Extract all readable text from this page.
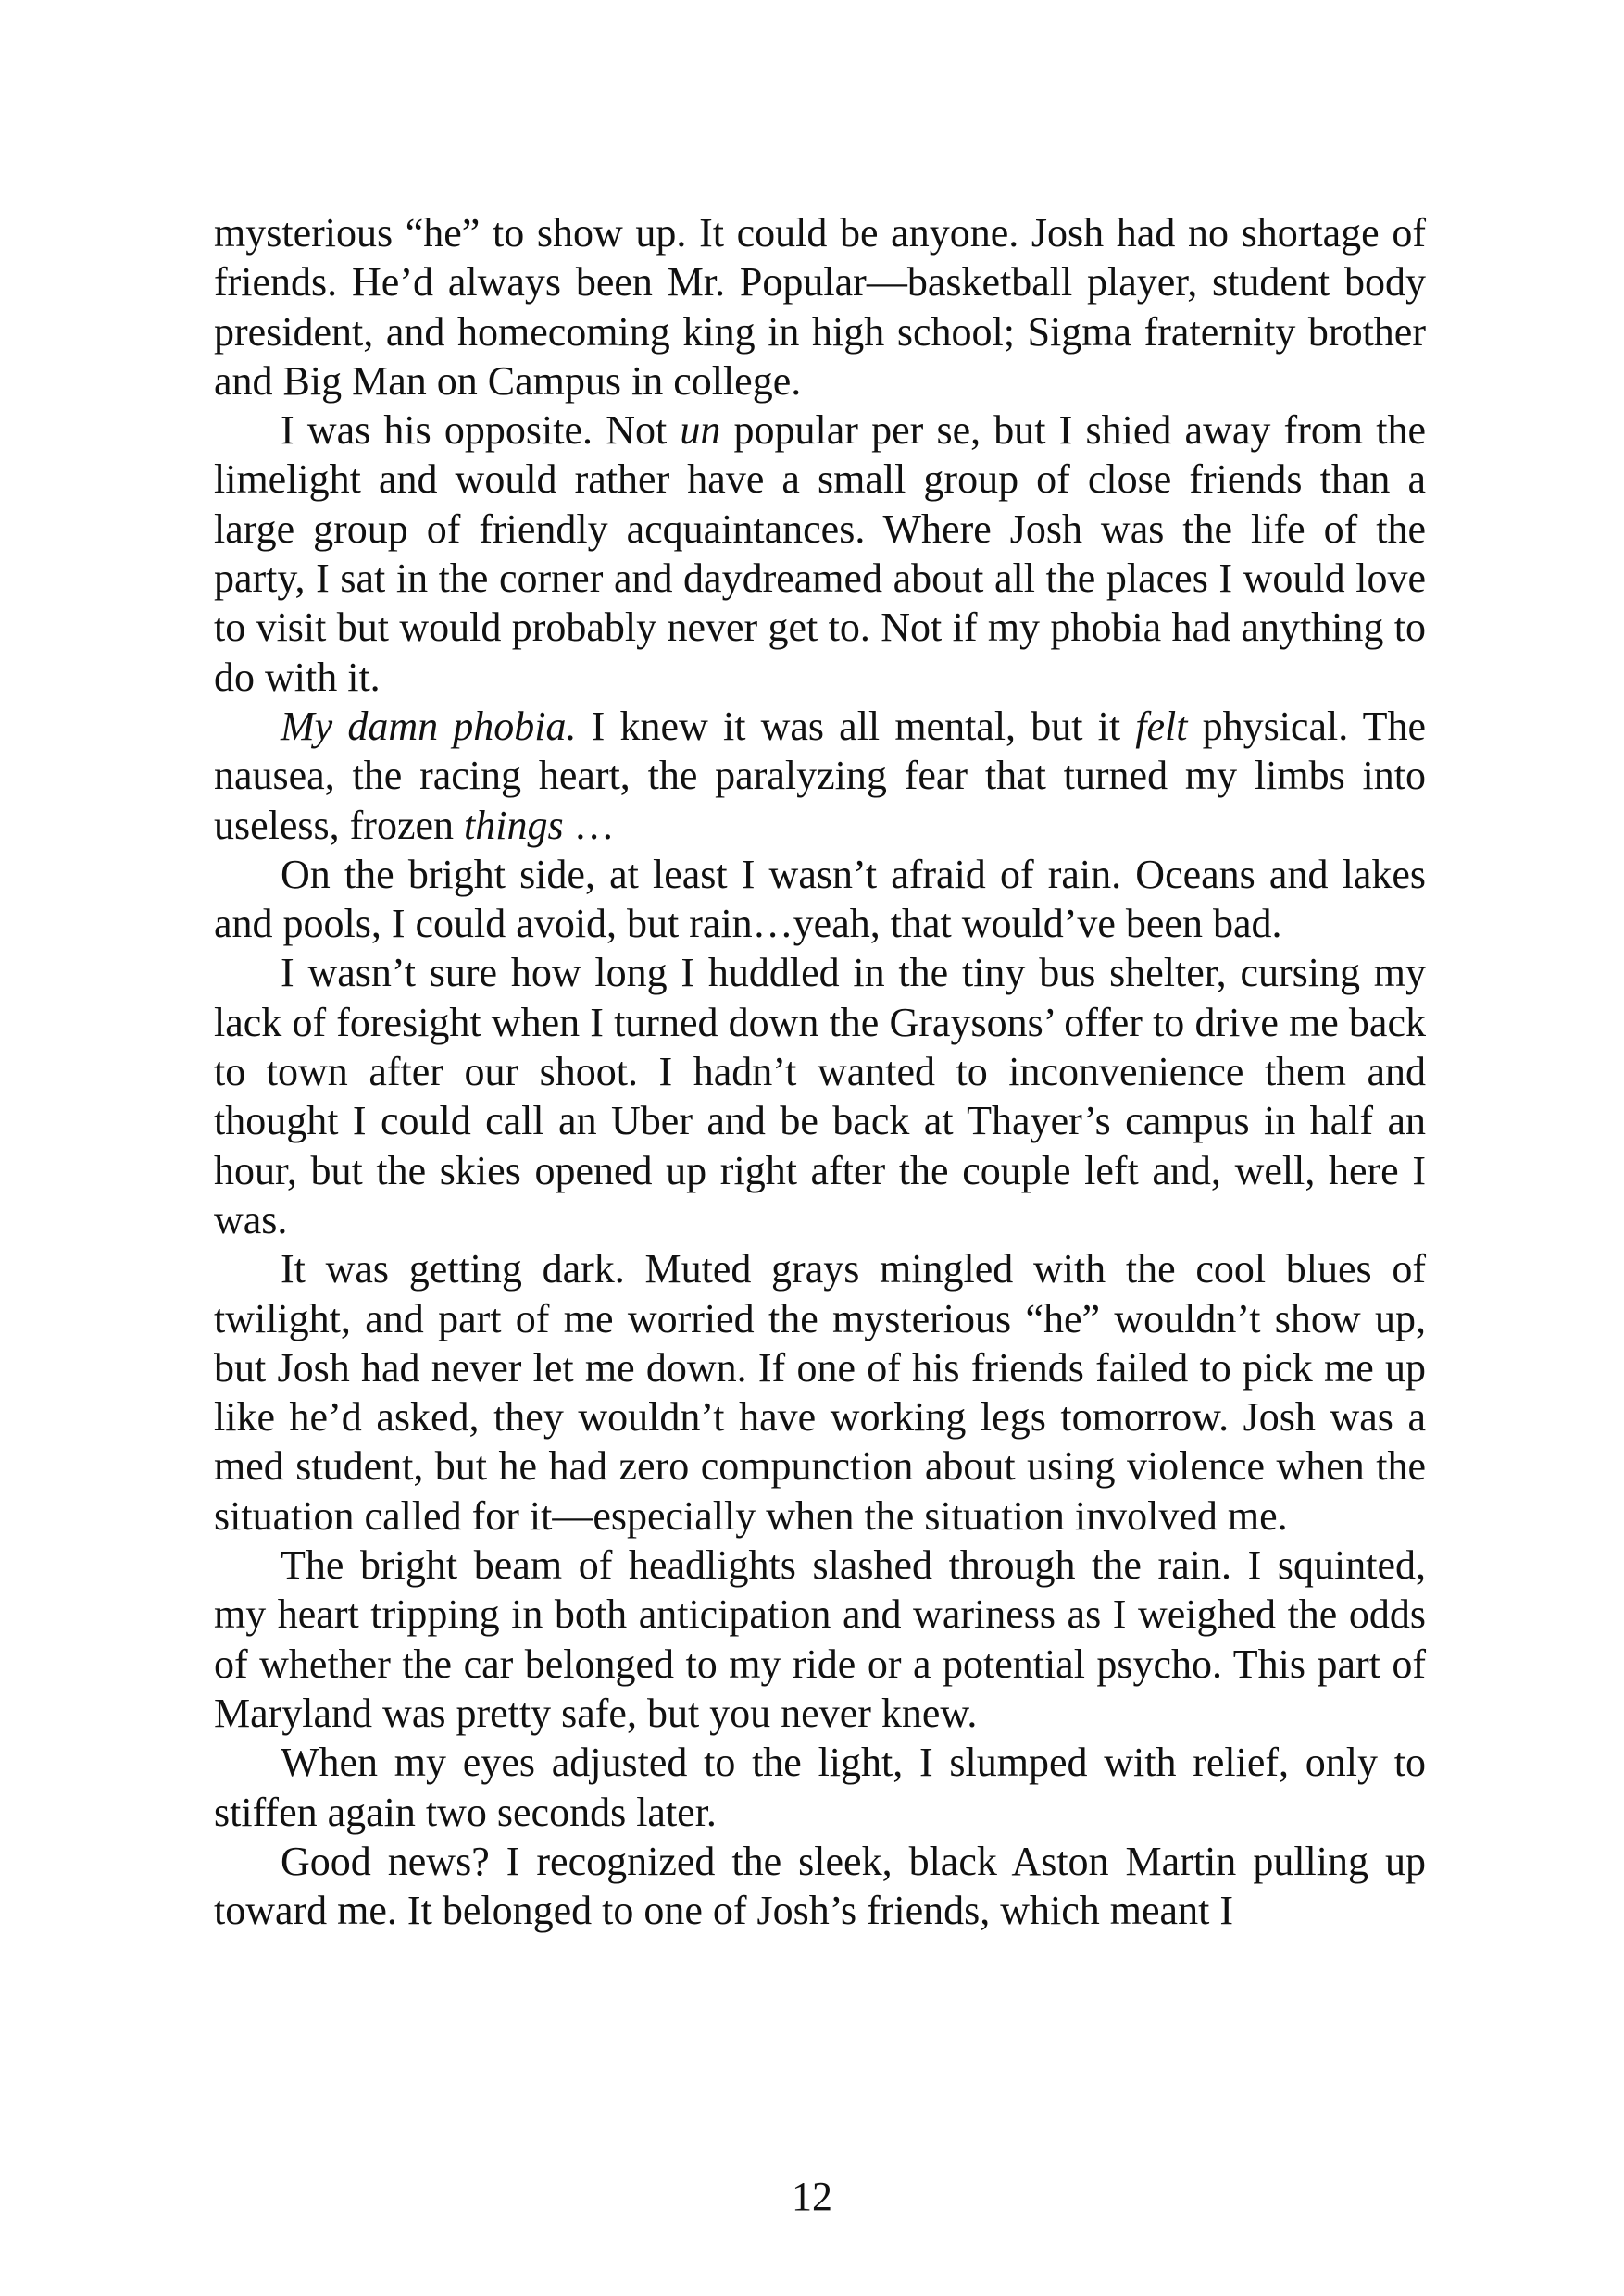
mysterious “he” to show up. It could be anyone. Josh had no shortage of friends. He’d always been Mr. Popular—basketball player, student body president, and homecoming king in high school; Sigma fraternity brother and Big Man on Campus in college.

I was his opposite. Not un popular per se, but I shied away from the limelight and would rather have a small group of close friends than a large group of friendly acquaintances. Where Josh was the life of the party, I sat in the corner and daydreamed about all the places I would love to visit but would probably never get to. Not if my phobia had anything to do with it.

My damn phobia. I knew it was all mental, but it felt physical. The nausea, the racing heart, the paralyzing fear that turned my limbs into useless, frozen things …

On the bright side, at least I wasn’t afraid of rain. Oceans and lakes and pools, I could avoid, but rain…yeah, that would’ve been bad.

I wasn’t sure how long I huddled in the tiny bus shelter, cursing my lack of foresight when I turned down the Graysons’ offer to drive me back to town after our shoot. I hadn’t wanted to inconvenience them and thought I could call an Uber and be back at Thayer’s campus in half an hour, but the skies opened up right after the couple left and, well, here I was.

It was getting dark. Muted grays mingled with the cool blues of twilight, and part of me worried the mysterious “he” wouldn’t show up, but Josh had never let me down. If one of his friends failed to pick me up like he’d asked, they wouldn’t have working legs tomorrow. Josh was a med student, but he had zero compunction about using violence when the situation called for it—especially when the situation involved me.

The bright beam of headlights slashed through the rain. I squinted, my heart tripping in both anticipation and wariness as I weighed the odds of whether the car belonged to my ride or a potential psycho. This part of Maryland was pretty safe, but you never knew.

When my eyes adjusted to the light, I slumped with relief, only to stiffen again two seconds later.

Good news? I recognized the sleek, black Aston Martin pulling up toward me. It belonged to one of Josh’s friends, which meant I

12
